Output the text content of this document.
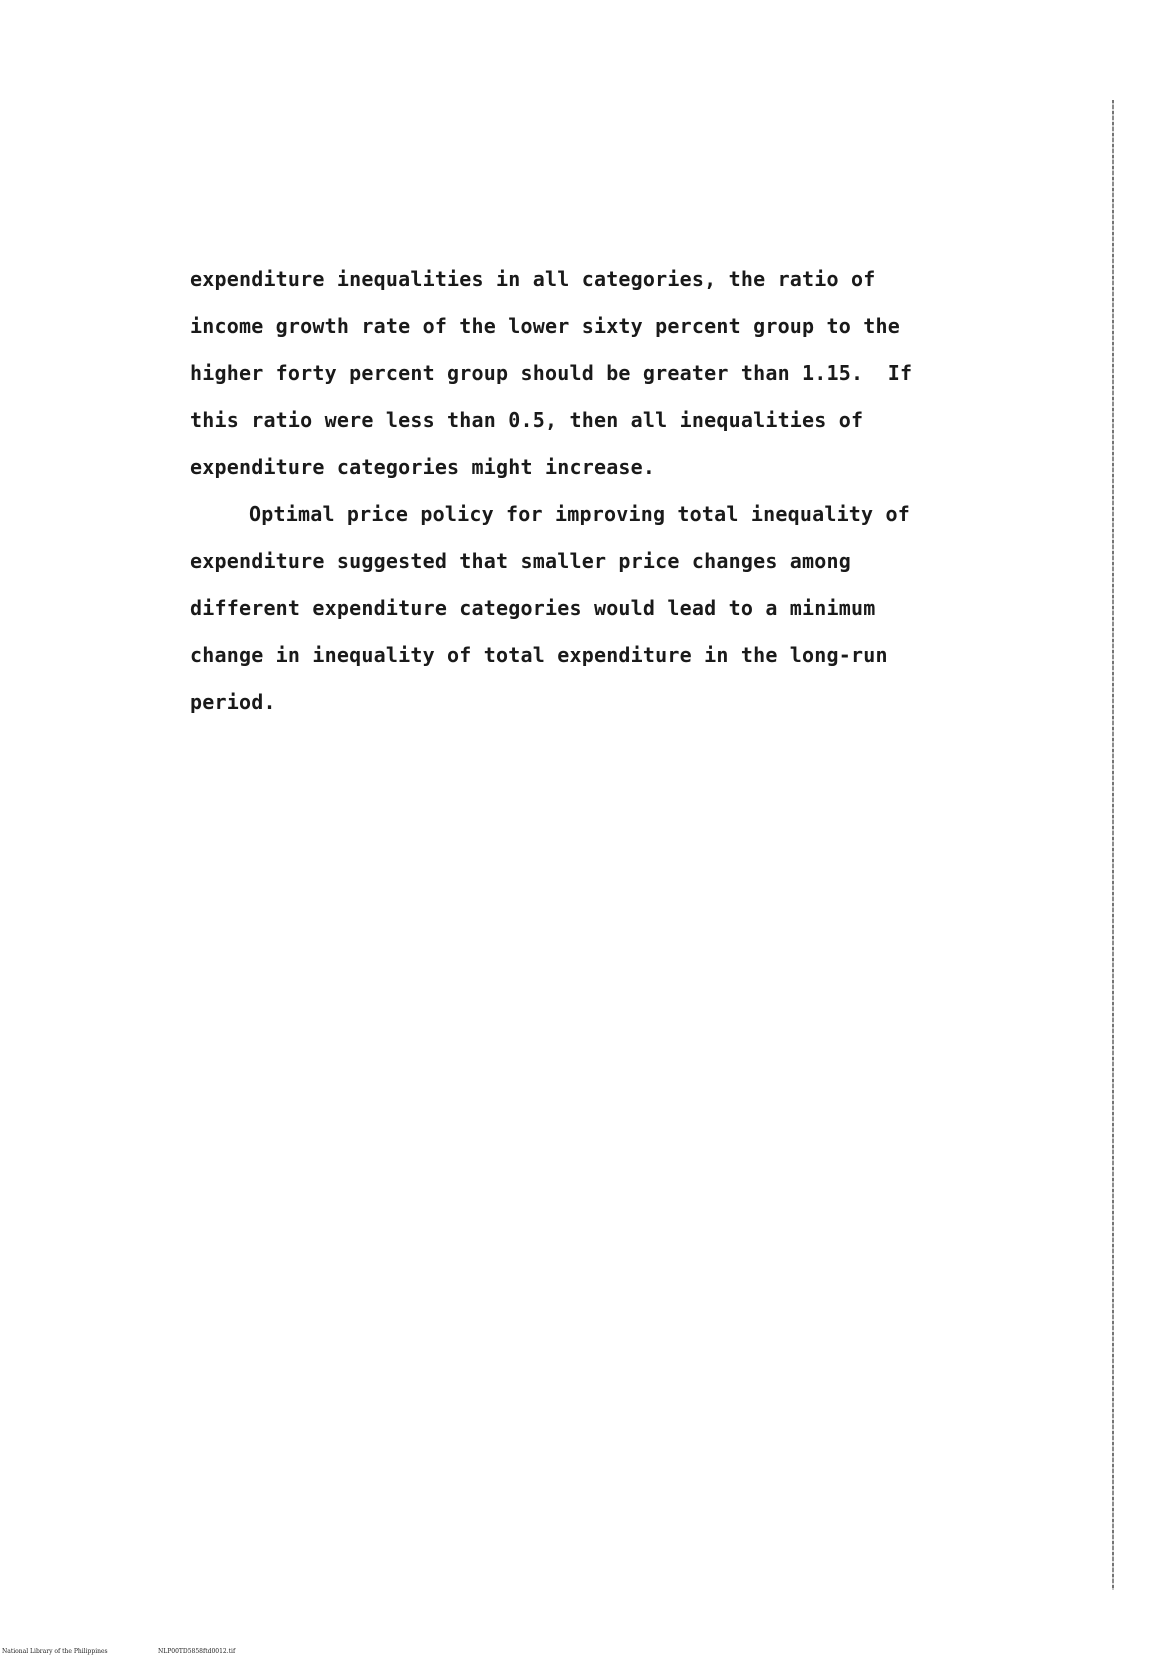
expenditure inequalities in all categories, the ratio of
income growth rate of the lower sixty percent group to the
higher forty percent group should be greater than 1.15.  If
this ratio were less than 0.5, then all inequalities of
expenditure categories might increase.
Optimal price policy for improving total inequality of
expenditure suggested that smaller price changes among
different expenditure categories would lead to a minimum
change in inequality of total expenditure in the long-run
period.
National Library of the Philippines	NLP00TD5858ftd0012.tif
